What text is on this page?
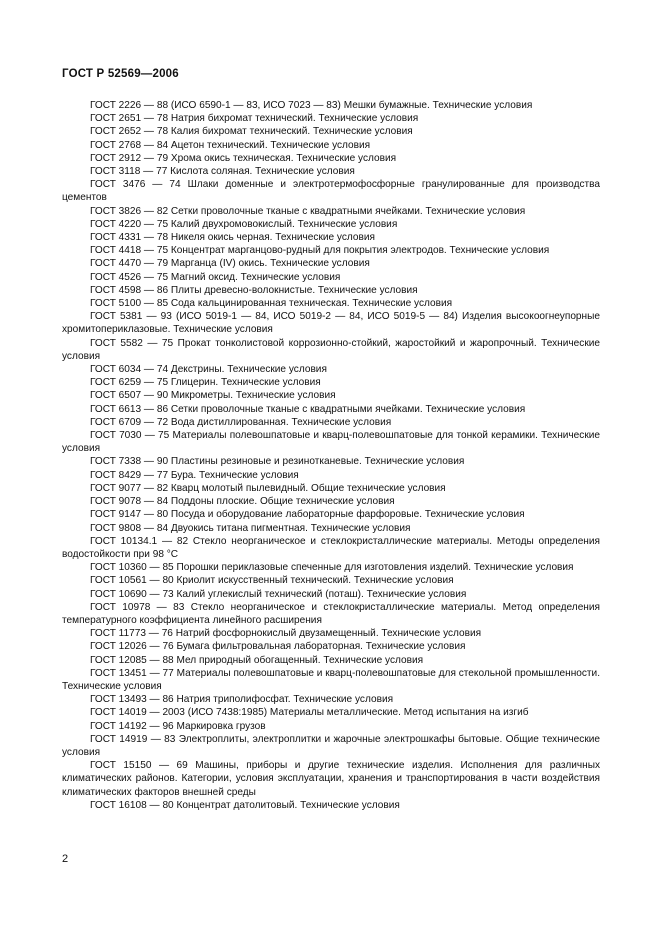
ГОСТ Р 52569—2006

ГОСТ 2226 — 88 (ИСО 6590-1 — 83, ИСО 7023 — 83) Мешки бумажные. Технические условия

ГОСТ 2651 — 78 Натрия бихромат технический. Технические условия

ГОСТ 2652 — 78 Калия бихромат технический. Технические условия

ГОСТ 2768 — 84 Ацетон технический. Технические условия

ГОСТ 2912 — 79 Хрома окись техническая. Технические условия

ГОСТ 3118 — 77 Кислота соляная. Технические условия

ГОСТ 3476 — 74 Шлаки доменные и электротермофосфорные гранулированные для производства цементов

ГОСТ 3826 — 82 Сетки проволочные тканые с квадратными ячейками. Технические условия

ГОСТ 4220 — 75 Калий двухромовокислый. Технические условия

ГОСТ 4331 — 78 Никеля окись черная. Технические условия

ГОСТ 4418 — 75 Концентрат марганцово-рудный для покрытия электродов. Технические условия

ГОСТ 4470 — 79 Марганца (IV) окись. Технические условия

ГОСТ 4526 — 75 Магний оксид. Технические условия

ГОСТ 4598 — 86 Плиты древесно-волокнистые. Технические условия

ГОСТ 5100 — 85 Сода кальцинированная техническая. Технические условия

ГОСТ 5381 — 93 (ИСО 5019-1 — 84, ИСО 5019-2 — 84, ИСО 5019-5 — 84) Изделия высокоогнеупорные хромитопериклазовые. Технические условия

ГОСТ 5582 — 75 Прокат тонколистовой коррозионно-стойкий, жаростойкий и жаропрочный. Технические условия

ГОСТ 6034 — 74 Декстрины. Технические условия

ГОСТ 6259 — 75 Глицерин. Технические условия

ГОСТ 6507 — 90 Микрометры. Технические условия

ГОСТ 6613 — 86 Сетки проволочные тканые с квадратными ячейками. Технические условия

ГОСТ 6709 — 72 Вода дистиллированная. Технические условия

ГОСТ 7030 — 75 Материалы полевошпатовые и кварц-полевошпатовые для тонкой керамики. Технические условия

ГОСТ 7338 — 90 Пластины резиновые и резинотканевые. Технические условия

ГОСТ 8429 — 77 Бура. Технические условия

ГОСТ 9077 — 82 Кварц молотый пылевидный. Общие технические условия

ГОСТ 9078 — 84 Поддоны плоские. Общие технические условия

ГОСТ 9147 — 80 Посуда и оборудование лабораторные фарфоровые. Технические условия

ГОСТ 9808 — 84 Двуокись титана пигментная. Технические условия

ГОСТ 10134.1 — 82 Стекло неорганическое и стеклокристаллические материалы. Методы определения водостойкости при 98 °С

ГОСТ 10360 — 85 Порошки периклазовые спеченные для изготовления изделий. Технические условия

ГОСТ 10561 — 80 Криолит искусственный технический. Технические условия

ГОСТ 10690 — 73 Калий углекислый технический (поташ). Технические условия

ГОСТ 10978 — 83 Стекло неорганическое и стеклокристаллические материалы. Метод определения температурного коэффициента линейного расширения

ГОСТ 11773 — 76 Натрий фосфорнокислый двузамещенный. Технические условия

ГОСТ 12026 — 76 Бумага фильтровальная лабораторная. Технические условия

ГОСТ 12085 — 88 Мел природный обогащенный. Технические условия

ГОСТ 13451 — 77 Материалы полевошпатовые и кварц-полевошпатовые для стекольной промышленности. Технические условия

ГОСТ 13493 — 86 Натрия триполифосфат. Технические условия

ГОСТ 14019 — 2003 (ИСО 7438:1985) Материалы металлические. Метод испытания на изгиб

ГОСТ 14192 — 96 Маркировка грузов

ГОСТ 14919 — 83 Электроплиты, электроплитки и жарочные электрошкафы бытовые. Общие технические условия

ГОСТ 15150 — 69 Машины, приборы и другие технические изделия. Исполнения для различных климатических районов. Категории, условия эксплуатации, хранения и транспортирования в части воздействия климатических факторов внешней среды

ГОСТ 16108 — 80 Концентрат датолитовый. Технические условия

2
